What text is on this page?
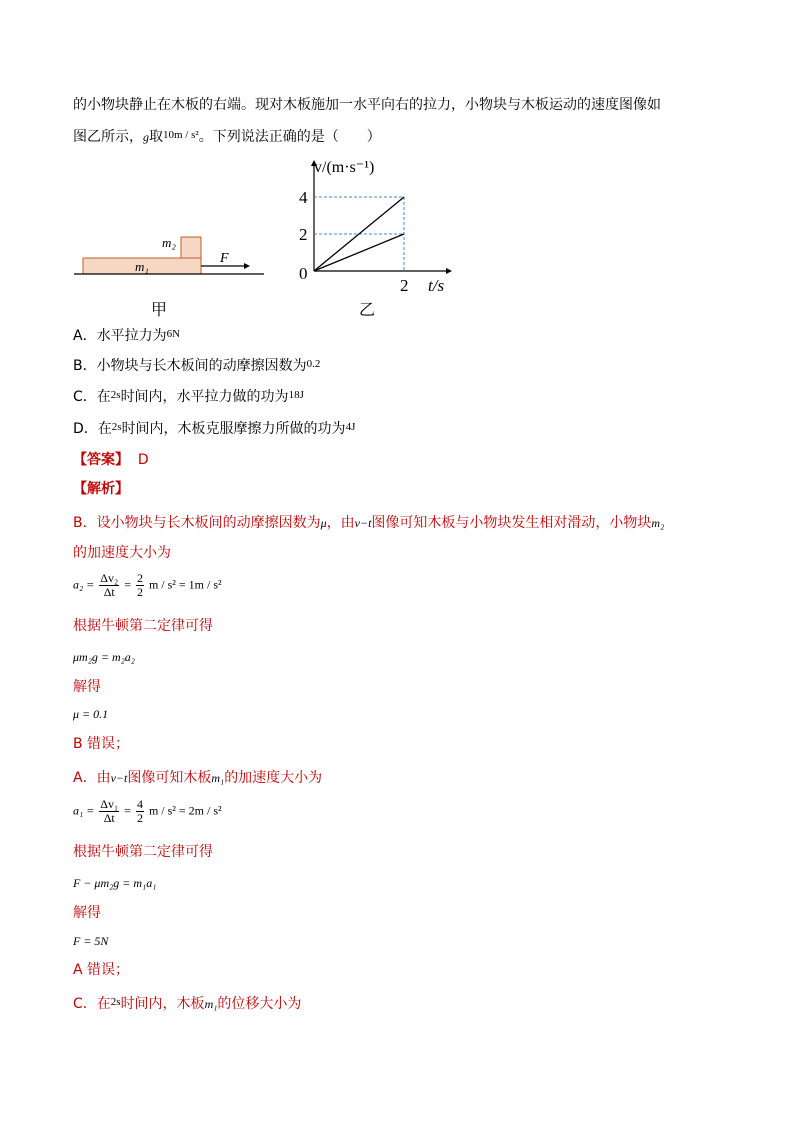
的小物块静止在木板的右端。现对木板施加一水平向右的拉力，小物块与木板运动的速度图像如
图乙所示，g取$^{10m / s^2}$。下列说法正确的是（　　）
m₁
m₂
F
甲
2
4
2
0
v/(m·s⁻¹)
t/s
乙
A．水平拉力为$^{6N}$
B．小物块与长木板间的动摩擦因数为$^{0.2}$
C．在$^{2s}$时间内，水平拉力做的功为$^{18J}$
D．在$^{2s}$时间内，木板克服摩擦力所做的功为$^{4J}$
【答案】 D
【解析】
B．设小物块与长木板间的动摩擦因数为μ，由v−t图像可知木板与小物块发生相对滑动，小物块m₂
的加速度大小为
$a_2 = \frac{\text{Δv₂}}{\Delta t} = \frac{2}{2}$ m / s² = 1m / s²
根据牛顿第二定律可得
μm₂g = m₂a₂
解得
μ = 0.1
B 错误；
A．由v−t图像可知木板m₁的加速度大小为
$a_1 = \frac{\text{Δv₁}}{\Delta t} = \frac{4}{2}$ m / s² = 2m / s²
根据牛顿第二定律可得
F − μm₂g = m₁a₁
解得
F = 5N
A 错误；
C．在$^{2s}$时间内，木板m₁的位移大小为
